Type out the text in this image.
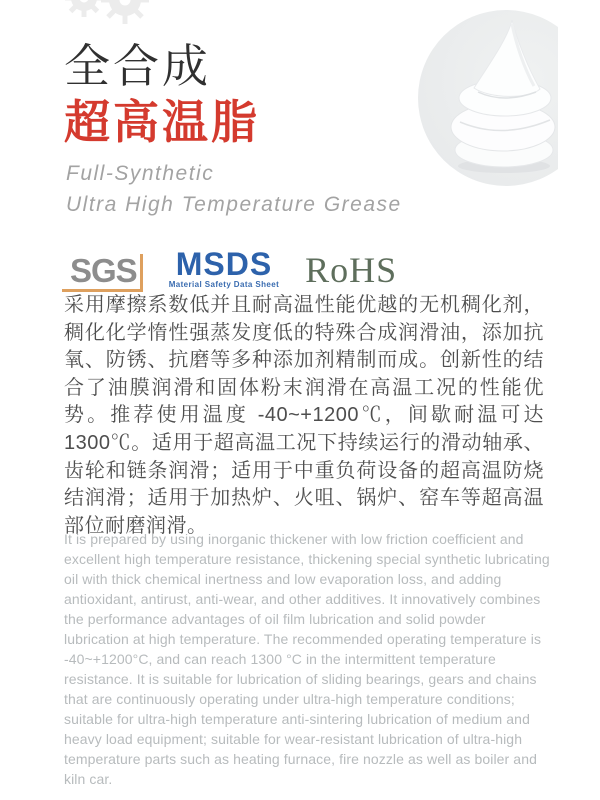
全合成
超高温脂
Full-Synthetic
Ultra High Temperature Grease
SGS MSDS
Material Safety Data Sheet RoHS
采用摩擦系数低并且耐高温性能优越的无机稠化剂，稠化化学惰性强蒸发度低的特殊合成润滑油，添加抗氧、防锈、抗磨等多种添加剂精制而成。创新性的结合了油膜润滑和固体粉末润滑在高温工况的性能优势。推荐使用温度 -40~+1200℃，间歇耐温可达 1300℃。适用于超高温工况下持续运行的滑动轴承、齿轮和链条润滑；适用于中重负荷设备的超高温防烧结润滑；适用于加热炉、火咀、锅炉、窑车等超高温部位耐磨润滑。
It is prepared by using inorganic thickener with low friction coefficient and excellent high temperature resistance, thickening special synthetic lubricating oil with thick chemical inertness and low evaporation loss, and adding antioxidant, antirust, anti-wear, and other additives. It innovatively combines the performance advantages of oil film lubrication and solid powder lubrication at high temperature. The recommended operating temperature is -40~+1200°C, and can reach 1300 °C in the intermittent temperature resistance. It is suitable for lubrication of sliding bearings, gears and chains that are continuously operating under ultra-high temperature conditions; suitable for ultra-high temperature anti-sintering lubrication of medium and heavy load equipment; suitable for wear-resistant lubrication of ultra-high temperature parts such as heating furnace, fire nozzle as well as boiler and kiln car.
